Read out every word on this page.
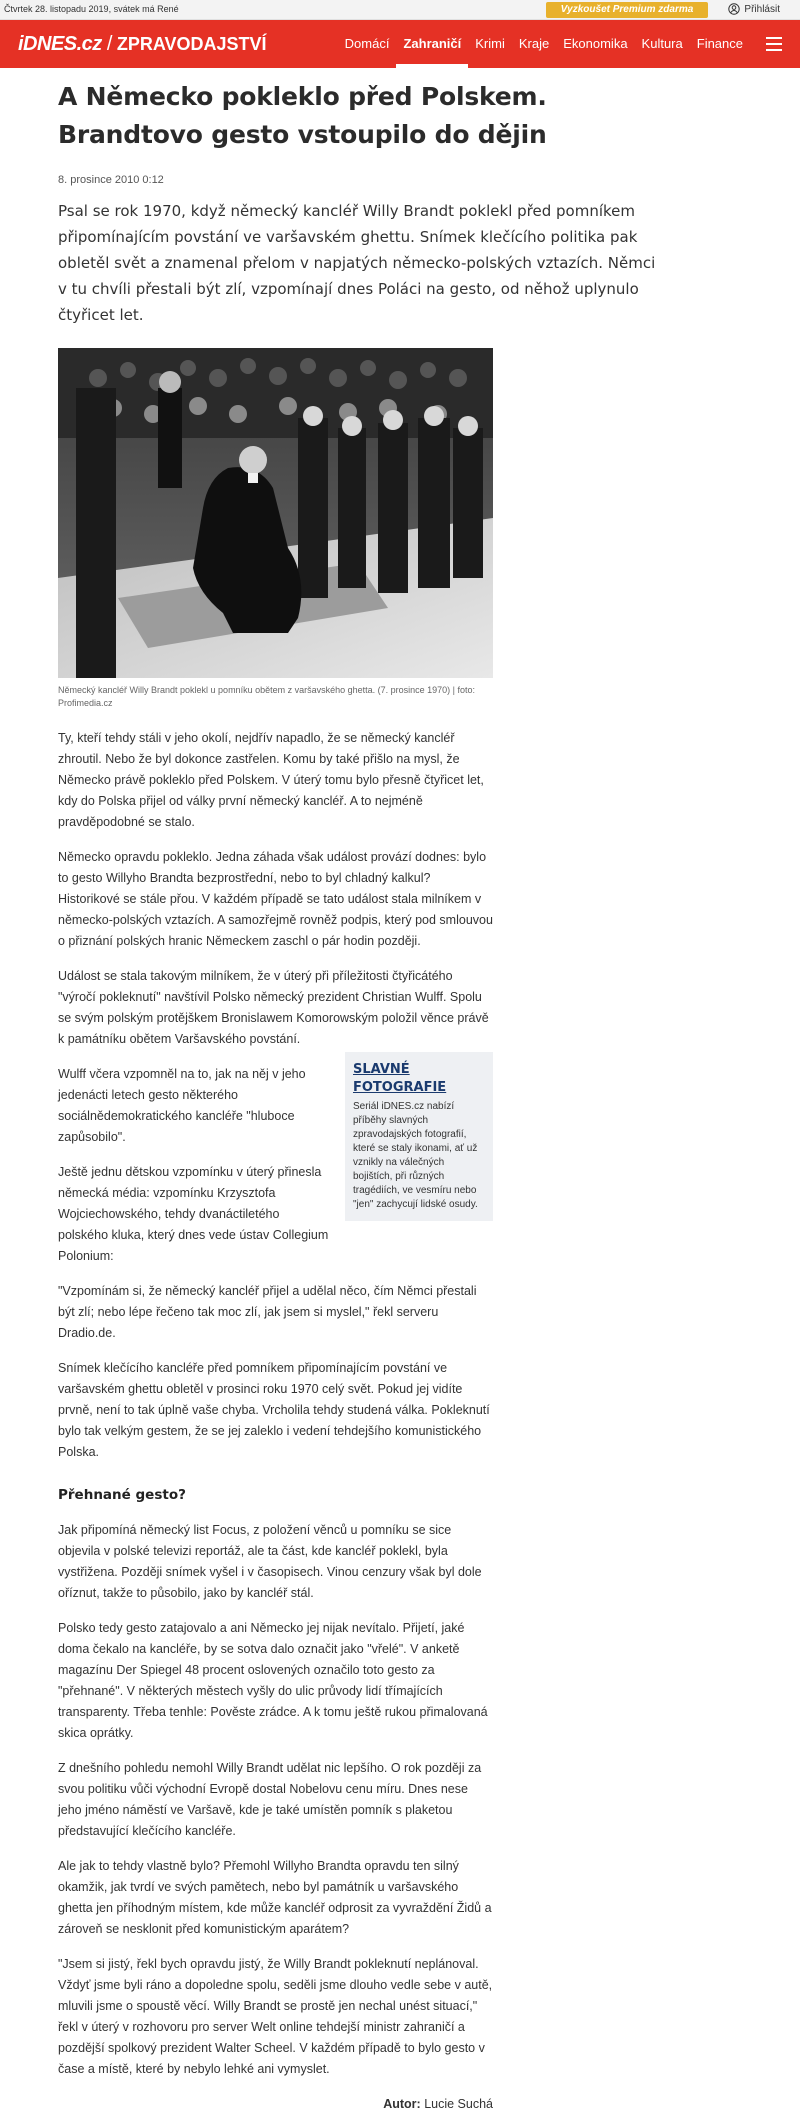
Čtvrtek 28. listopadu 2019, svátek má René	Vyzkoušet Premium zdarma	Přihlásit
iDNES.cz / ZPRAVODAJSTVÍ	Domácí	Zahraničí	Krimi	Kraje	Ekonomika	Kultura	Finance
A Německo pokleklo před Polskem. Brandtovo gesto vstoupilo do dějin
8. prosince 2010 0:12
Psal se rok 1970, když německý kancléř Willy Brandt poklekl před pomníkem připomínajícím povstání ve varšavském ghettu. Snímek klečícího politika pak obletěl svět a znamenal přelom v napjatých německo-polských vztazích. Němci v tu chvíli přestali být zlí, vzpomínají dnes Poláci na gesto, od něhož uplynulo čtyřicet let.
Německý kancléř Willy Brandt poklekl u pomníku obětem z varšavského ghetta. (7. prosince 1970) | foto: Profimedia.cz

Ty, kteří tehdy stáli v jeho okolí, nejdřív napadlo, že se německý kancléř zhroutil. Nebo že byl dokonce zastřelen. Komu by také přišlo na mysl, že Německo právě pokleklo před Polskem. V úterý tomu bylo přesně čtyřicet let, kdy do Polska přijel od války první německý kancléř. A to nejméně pravděpodobné se stalo.

Německo opravdu pokleklo. Jedna záhada však událost provází dodnes: bylo to gesto Willyho Brandta bezprostřední, nebo to byl chladný kalkul? Historikové se stále přou. V každém případě se tato událost stala milníkem v německo-polských vztazích. A samozřejmě rovněž podpis, který pod smlouvou o přiznání polských hranic Německem zaschl o pár hodin později.

Událost se stala takovým milníkem, že v úterý při příležitosti čtyřicátého "výročí pokleknutí" navštívil Polsko německý prezident Christian Wulff. Spolu se svým polským protějškem Bronislawem Komorowským položil věnce právě k památníku obětem Varšavského povstání.

SLAVNÉ FOTOGRAFIE
Seriál iDNES.cz nabízí příběhy slavných zpravodajských fotografií, které se staly ikonami, ať už vznikly na válečných bojištích, při různých tragédiích, ve vesmíru nebo "jen" zachycují lidské osudy.

Wulff včera vzpomněl na to, jak na něj v jeho jedenácti letech gesto některého sociálnědemokratického kancléře "hluboce zapůsobilo".

Ještě jednu dětskou vzpomínku v úterý přinesla německá média: vzpomínku Krzysztofa Wojciechowského, tehdy dvanáctiletého polského kluka, který dnes vede ústav Collegium Polonium:

"Vzpomínám si, že německý kancléř přijel a udělal něco, čím Němci přestali být zlí; nebo lépe řečeno tak moc zlí, jak jsem si myslel," řekl serveru Dradio.de.

Snímek klečícího kancléře před pomníkem připomínajícím povstání ve varšavském ghettu obletěl v prosinci roku 1970 celý svět. Pokud jej vidíte prvně, není to tak úplně vaše chyba. Vrcholila tehdy studená válka. Pokleknutí bylo tak velkým gestem, že se jej zaleklo i vedení tehdejšího komunistického Polska.

Přehnané gesto?

Jak připomíná německý list Focus, z položení věnců u pomníku se sice objevila v polské televizi reportáž, ale ta část, kde kancléř poklekl, byla vystřižena. Později snímek vyšel i v časopisech. Vinou cenzury však byl dole oříznut, takže to působilo, jako by kancléř stál.

Polsko tedy gesto zatajovalo a ani Německo jej nijak nevítalo. Přijetí, jaké doma čekalo na kancléře, by se sotva dalo označit jako "vřelé". V anketě magazínu Der Spiegel 48 procent oslovených označilo toto gesto za "přehnané". V některých městech vyšly do ulic průvody lidí třímajících transparenty. Třeba tenhle: Pověste zrádce. A k tomu ještě rukou přimalovaná skica oprátky.

Z dnešního pohledu nemohl Willy Brandt udělat nic lepšího. O rok později za svou politiku vůči východní Evropě dostal Nobelovu cenu míru. Dnes nese jeho jméno náměstí ve Varšavě, kde je také umístěn pomník s plaketou představující klečícího kancléře.

Ale jak to tehdy vlastně bylo? Přemohl Willyho Brandta opravdu ten silný okamžik, jak tvrdí ve svých pamětech, nebo byl památník u varšavského ghetta jen příhodným místem, kde může kancléř odprosit za vyvraždění Židů a zároveň se nesklonit před komunistickým aparátem?

"Jsem si jistý, řekl bych opravdu jistý, že Willy Brandt pokleknutí neplánoval. Vždyť jsme byli ráno a dopoledne spolu, seděli jsme dlouho vedle sebe v autě, mluvili jsme o spoustě věcí. Willy Brandt se prostě jen nechal unést situací," řekl v úterý v rozhovoru pro server Welt online tehdejší ministr zahraničí a pozdější spolkový prezident Walter Scheel. V každém případě to bylo gesto v čase a místě, které by nebylo lehké ani vymyslet.

Autor: Lucie Suchá
